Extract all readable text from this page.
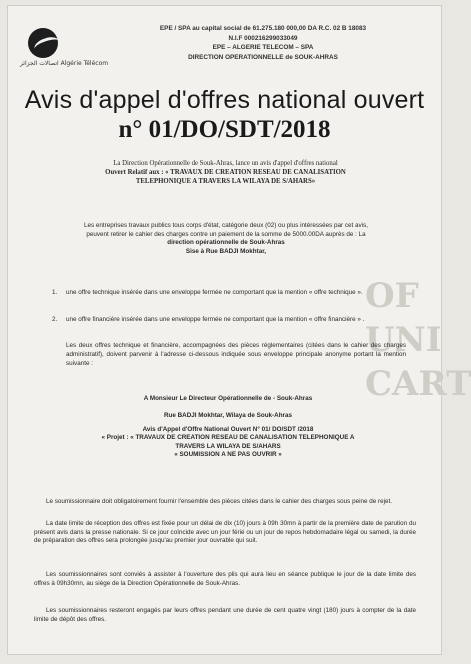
OF
UNI
CART
اتصالات الجزائر Algérie Télécom
EPE / SPA au capital social de 61.275.180 000,00 DA R.C. 02 B 18083
N.I.F 000216299033049
EPE – ALGERIE TELECOM – SPA
DIRECTION OPERATIONNELLE de SOUK-AHRAS
Avis d'appel d'offres national ouvert
n° 01/DO/SDT/2018
La Direction Opérationnelle de Souk-Ahras, lance un avis d'appel d'offres national
Ouvert Relatif aux : « TRAVAUX DE CREATION RESEAU DE CANALISATION
TELEPHONIQUE A TRAVERS LA WILAYA DE S/AHARS»
Les entreprises travaux publics tous corps d'état, catégorie deux (02) ou plus intéressées par cet avis,
peuvent retirer le cahier des charges contre un paiement de la somme de 5000.00DA auprès de : La
direction opérationnelle de Souk-Ahras
Sise à Rue BADJI Mokhtar,
1. une offre technique insérée dans une enveloppe fermée ne comportant que la mention « offre technique ».
2. une offre financière insérée dans une enveloppe fermée ne comportant que la mention « offre financière » .
Les deux offres technique et financière, accompagnées des pièces réglementaires (citées dans le cahier des charges administratif), doivent parvenir à l'adresse ci-dessous indiquée sous enveloppe principale anonyme portant la mention suivante :
A Monsieur Le Directeur Opérationnelle de - Souk-Ahras
Rue BADJI Mokhtar, Wilaya de Souk-Ahras
Avis d'Appel d'Offre National Ouvert N° 01/ DO/SDT /2018
« Projet : « TRAVAUX DE CREATION RESEAU DE CANALISATION TELEPHONIQUE A
TRAVERS LA WILAYA DE S/AHARS
« SOUMISSION A NE PAS OUVRIR »
Le soumissionnaire doit obligatoirement fournir l'ensemble des pièces citées dans le cahier des charges sous peine de rejet.
La date limite de réception des offres est fixée pour un délai de dix (10) jours à 09h 30mn à partir de la première date de parution du présent avis dans la presse nationale. Si ce jour coïncide avec un jour férié ou un jour de repos hebdomadaire légal ou samedi, la durée de préparation des offres sera prolongée jusqu'au premier jour ouvrable qui suit.
Les soumissionnaires sont conviés à assister à l'ouverture des plis qui aura lieu en séance publique le jour de la date limite des offres à 09h30mn, au siège de la Direction Opérationnelle de Souk-Ahras.
Les soumissionnaires resteront engagés par leurs offres pendant une durée de cent quatre vingt (180) jours à compter de la date limite de dépôt des offres.
